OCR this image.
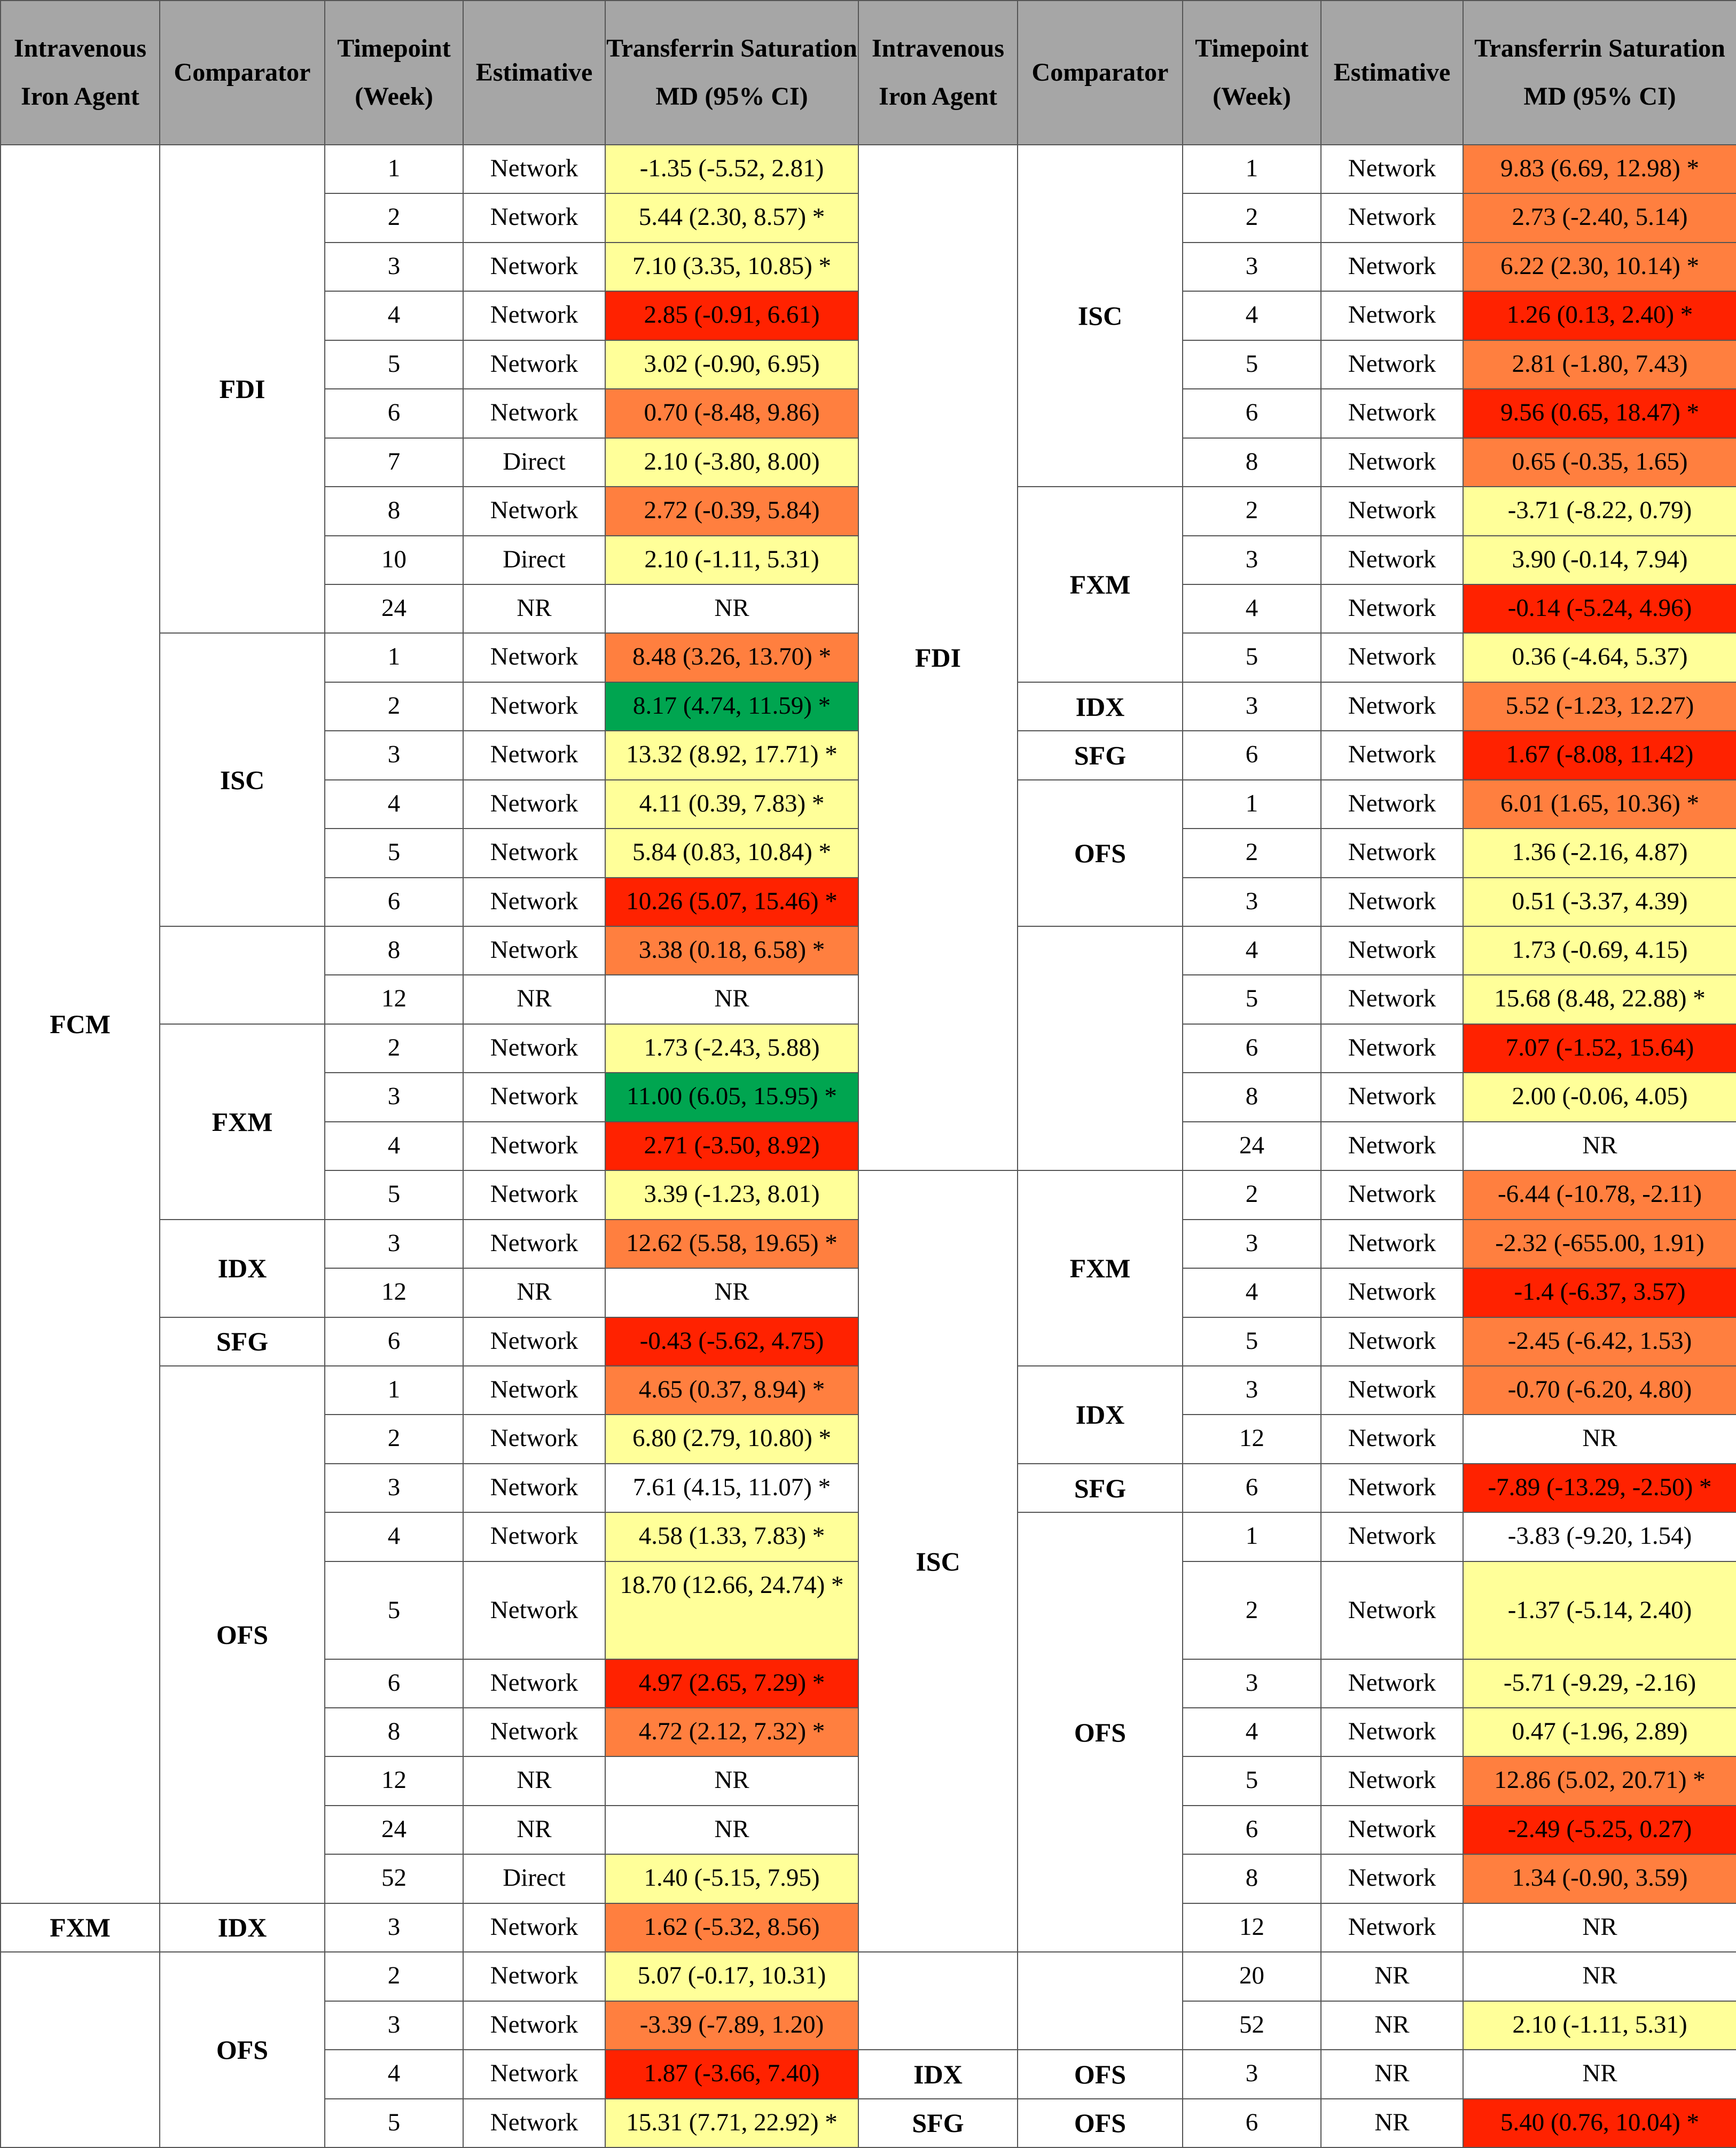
Intravenous Iron Agent	Comparator	Timepoint (Week)	Estimative	Transferrin Saturation MD (95% CI)	Intravenous Iron Agent	Comparator	Timepoint (Week)	Estimative	Transferrin Saturation MD (95% CI)
FCM	FDI	1	Network	-1.35 (-5.52, 2.81)	FDI	ISC	1	Network	9.83 (6.69, 12.98) *
		2	Network	5.44 (2.30, 8.57) *			2	Network	2.73 (-2.40, 5.14)
		3	Network	7.10 (3.35, 10.85) *			3	Network	6.22 (2.30, 10.14) *
		4	Network	2.85 (-0.91, 6.61)			4	Network	1.26 (0.13, 2.40) *
		5	Network	3.02 (-0.90, 6.95)			5	Network	2.81 (-1.80, 7.43)
		6	Network	0.70 (-8.48, 9.86)			6	Network	9.56 (0.65, 18.47) *
		7	Direct	2.10 (-3.80, 8.00)			8	Network	0.65 (-0.35, 1.65)
		8	Network	2.72 (-0.39, 5.84)		FXM	2	Network	-3.71 (-8.22, 0.79)
		10	Direct	2.10 (-1.11, 5.31)			3	Network	3.90 (-0.14, 7.94)
		24	NR	NR			4	Network	-0.14 (-5.24, 4.96)
	ISC	1	Network	8.48 (3.26, 13.70) *			5	Network	0.36 (-4.64, 5.37)
		2	Network	8.17 (4.74, 11.59) *		IDX	3	Network	5.52 (-1.23, 12.27)
		3	Network	13.32 (8.92, 17.71) *		SFG	6	Network	1.67 (-8.08, 11.42)
		4	Network	4.11 (0.39, 7.83) *		OFS	1	Network	6.01 (1.65, 10.36) *
		5	Network	5.84 (0.83, 10.84) *			2	Network	1.36 (-2.16, 4.87)
		6	Network	10.26 (5.07, 15.46) *			3	Network	0.51 (-3.37, 4.39)
		8	Network	3.38 (0.18, 6.58) *			4	Network	1.73 (-0.69, 4.15)
		12	NR	NR			5	Network	15.68 (8.48, 22.88) *
	FXM	2	Network	1.73 (-2.43, 5.88)			6	Network	7.07 (-1.52, 15.64)
		3	Network	11.00 (6.05, 15.95) *			8	Network	2.00 (-0.06, 4.05)
		4	Network	2.71 (-3.50, 8.92)			24	Network	NR
		5	Network	3.39 (-1.23, 8.01)	ISC	FXM	2	Network	-6.44 (-10.78, -2.11)
	IDX	3	Network	12.62 (5.58, 19.65) *			3	Network	-2.32 (-655.00, 1.91)
		12	NR	NR			4	Network	-1.4 (-6.37, 3.57)
	SFG	6	Network	-0.43 (-5.62, 4.75)			5	Network	-2.45 (-6.42, 1.53)
	OFS	1	Network	4.65 (0.37, 8.94) *		IDX	3	Network	-0.70 (-6.20, 4.80)
		2	Network	6.80 (2.79, 10.80) *			12	Network	NR
		3	Network	7.61 (4.15, 11.07) *		SFG	6	Network	-7.89 (-13.29, -2.50) *
		4	Network	4.58 (1.33, 7.83) *		OFS	1	Network	-3.83 (-9.20, 1.54)
		5	Network	18.70 (12.66, 24.74) *			2	Network	-1.37 (-5.14, 2.40)
		6	Network	4.97 (2.65, 7.29) *			3	Network	-5.71 (-9.29, -2.16)
		8	Network	4.72 (2.12, 7.32) *			4	Network	0.47 (-1.96, 2.89)
		12	NR	NR			5	Network	12.86 (5.02, 20.71) *
		24	NR	NR			6	Network	-2.49 (-5.25, 0.27)
		52	Direct	1.40 (-5.15, 7.95)			8	Network	1.34 (-0.90, 3.59)
FXM	IDX	3	Network	1.62 (-5.32, 8.56)			12	Network	NR
	OFS	2	Network	5.07 (-0.17, 10.31)			20	NR	NR
		3	Network	-3.39 (-7.89, 1.20)			52	NR	2.10 (-1.11, 5.31)
		4	Network	1.87 (-3.66, 7.40)	IDX	OFS	3	NR	NR
		5	Network	15.31 (7.71, 22.92) *	SFG	OFS	6	NR	5.40 (0.76, 10.04) *
